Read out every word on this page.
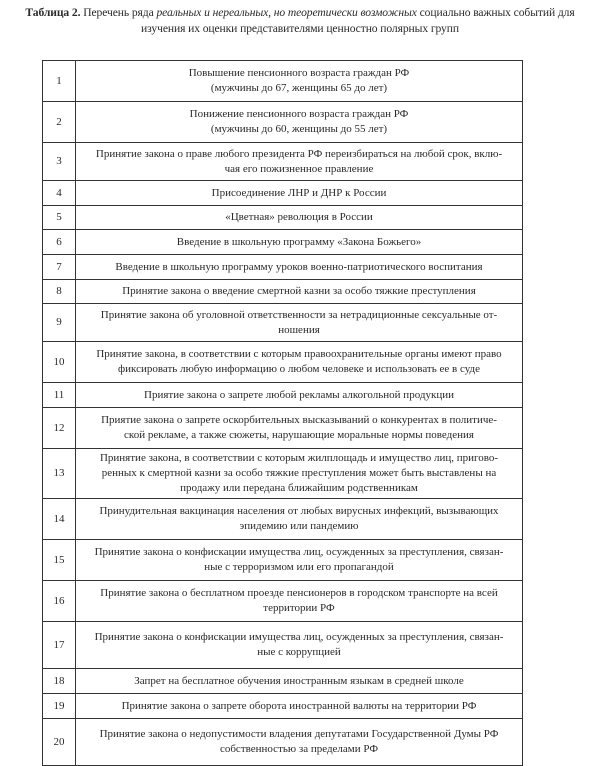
Таблица 2. Перечень ряда реальных и нереальных, но теоретически возможных социально важных событий для изучения их оценки представителями ценностно полярных групп
1	Повышение пенсионного возраста граждан РФ
(мужчины до 67, женщины 65 до лет)

2	Понижение пенсионного возраста граждан РФ
(мужчины до 60, женщины до 55 лет)

3	Принятие закона о праве любого президента РФ переизбираться на любой срок, вклю-
чая его пожизненное правление

4	Присоединение ЛНР и ДНР к России

5	«Цветная» революция в России

6	Введение в школьную программу «Закона Божьего»

7	Введение в школьную программу уроков военно-патриотического воспитания

8	Принятие закона о введение смертной казни за особо тяжкие преступления

9	Принятие закона об уголовной ответственности за нетрадиционные сексуальные от-
ношения

10	Принятие закона, в соответствии с которым правоохранительные органы имеют право
фиксировать любую информацию о любом человеке и использовать ее в суде

11	Приятие закона о запрете любой рекламы алкогольной продукции

12	Приятие закона о запрете оскорбительных высказываний о конкурентах в политиче-
ской рекламе, а также сюжеты, нарушающие моральные нормы поведения

13	Принятие закона, в соответствии с которым жилплощадь и имущество лиц, пригово-
ренных к смертной казни за особо тяжкие преступления может быть выставлены на
продажу или передана ближайшим родственникам

14	Принудительная вакцинация населения от любых вирусных инфекций, вызывающих
эпидемию или пандемию

15	Принятие закона о конфискации имущества лиц, осужденных за преступления, связан-
ные с терроризмом или его пропагандой

16	Принятие закона о бесплатном проезде пенсионеров в городском транспорте на всей
территории РФ

17	Принятие закона о конфискации имущества лиц, осужденных за преступления, связан-
ные с коррупцией

18	Запрет на бесплатное обучения иностранным языкам в средней школе

19	Принятие закона о запрете оборота иностранной валюты на территории РФ

20	Принятие закона о недопустимости владения депутатами Государственной Думы РФ
собственностью за пределами РФ
